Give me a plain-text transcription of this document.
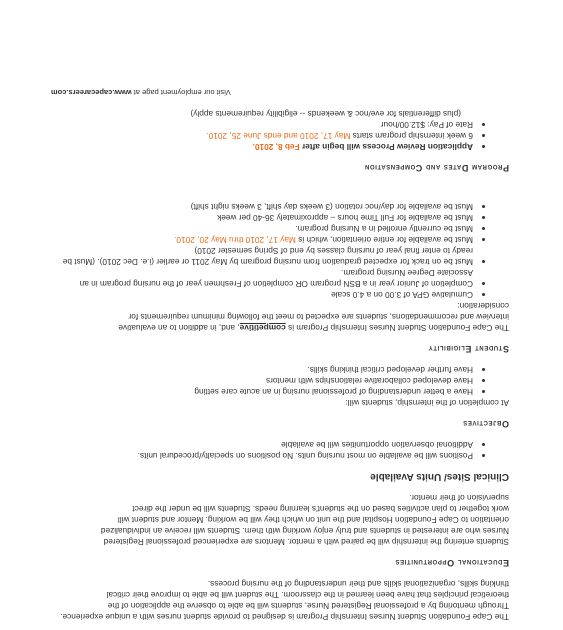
The Cape Foundation Student Nurses Internship Program is designed to provide student nurses with a unique experience.

Through mentoring by a professional Registered Nurse, students will be able to observe the application of the

theoretical principles that have been learned in the classroom. The student will be able to improve their critical

thinking skills, organizational skills and their understanding of the nursing process.

Educational Opportunities

Students entering the internship will be paired with a mentor. Mentors are experienced professional Registered

Nurses who are interested in students and truly enjoy working with them. Students will receive an individualized

orientation to Cape Foundation Hospital and the unit on which they will be working. Mentor and student will

work together to plan activities based on the student's learning needs. Students will be under the direct

supervision of their mentor.

Clinical Sites/ Units Available

• Positions will be available on most nursing units. No positions on specialty/procedural units.
• Additional observation opportunities will be available

Objectives

At completion of the internship, students will:

• Have a better understanding of professional nursing in an acute care setting
• Have developed collaborative relationships with mentors
• Have further developed critical thinking skills.

Student Eligibility

The Cape Foundation Student Nurses Internship Program is competitive, and, in addition to an evaluative

interview and recommendations, students are expected to meet the following minimum requirements for

consideration:

• Cumulative GPA of 3.00 on a 4.0 scale
• Completion of Junior year in a BSN program OR completion of Freshmen year of the nursing program in an Associate Degree Nursing program.
• Must be on track for expected graduation from nursing program by May 2011 or earlier (i.e. Dec 2010). (Must be ready to enter final year of nursing classes by end of Spring semester 2010)
• Must be available for entire orientation, which is May 17, 2010 thru May 20, 2010.
• Must be currently enrolled in a Nursing program.
• Must be available for Full Time hours – approximately 36-40 per week
• Must be available for day/noc rotation (3 weeks day shift, 3 weeks night shift)

Program Dates and Compensation

• Application Review Process will begin after Feb 8, 2010.
• 6 week internship program starts May 17, 2010 and ends June 25, 2010.
• Rate of Pay: $12.00/hour

(plus differentials for eve/noc & weekends -- eligibility requirements apply)

Visit our employment page at www.capecareers.com
